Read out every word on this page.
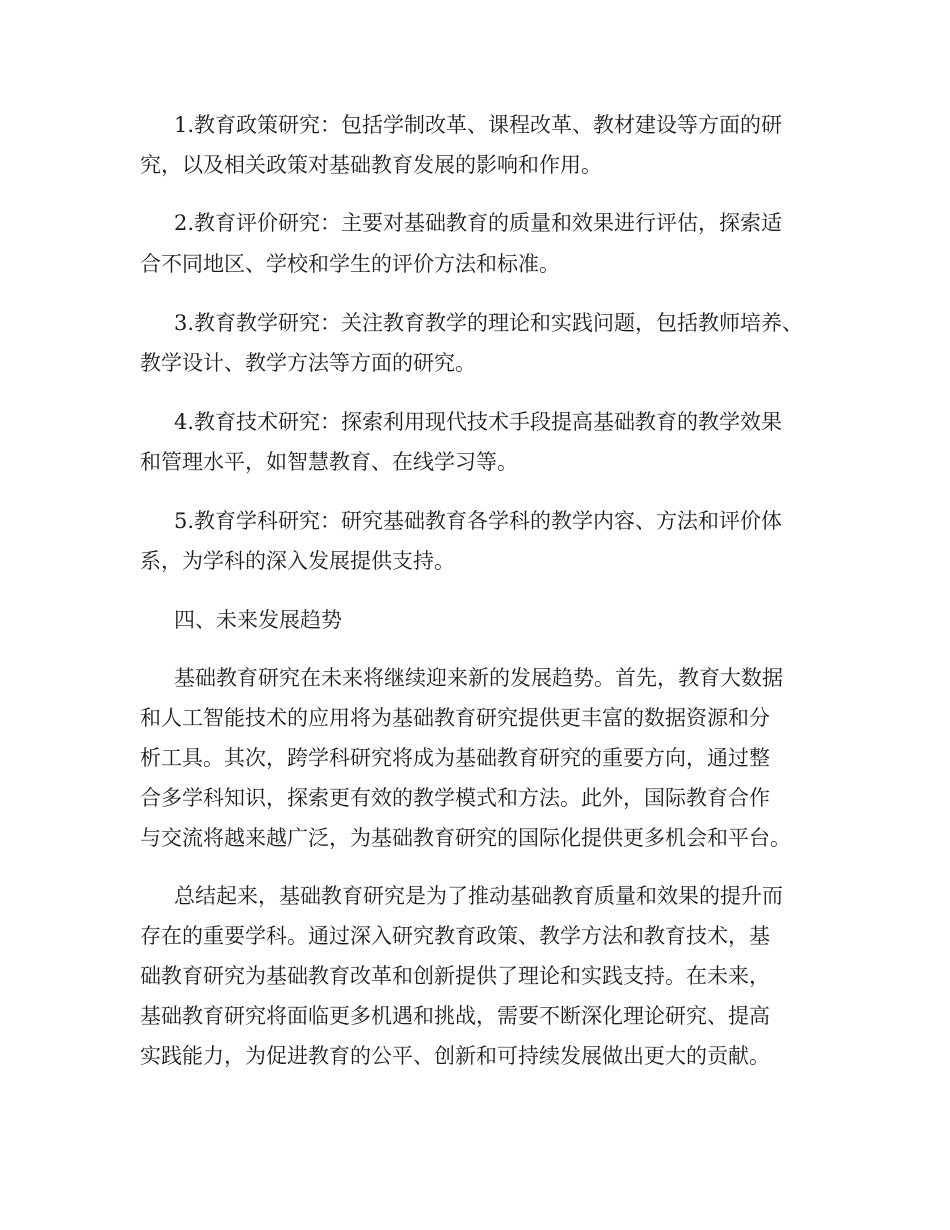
1.教育政策研究：包括学制改革、课程改革、教材建设等方面的研
究，以及相关政策对基础教育发展的影响和作用。
2.教育评价研究：主要对基础教育的质量和效果进行评估，探索适
合不同地区、学校和学生的评价方法和标准。
3.教育教学研究：关注教育教学的理论和实践问题，包括教师培养、
教学设计、教学方法等方面的研究。
4.教育技术研究：探索利用现代技术手段提高基础教育的教学效果
和管理水平，如智慧教育、在线学习等。
5.教育学科研究：研究基础教育各学科的教学内容、方法和评价体
系，为学科的深入发展提供支持。
四、未来发展趋势
基础教育研究在未来将继续迎来新的发展趋势。首先，教育大数据
和人工智能技术的应用将为基础教育研究提供更丰富的数据资源和分
析工具。其次，跨学科研究将成为基础教育研究的重要方向，通过整
合多学科知识，探索更有效的教学模式和方法。此外，国际教育合作
与交流将越来越广泛，为基础教育研究的国际化提供更多机会和平台。
总结起来，基础教育研究是为了推动基础教育质量和效果的提升而
存在的重要学科。通过深入研究教育政策、教学方法和教育技术，基
础教育研究为基础教育改革和创新提供了理论和实践支持。在未来，
基础教育研究将面临更多机遇和挑战，需要不断深化理论研究、提高
实践能力，为促进教育的公平、创新和可持续发展做出更大的贡献。
